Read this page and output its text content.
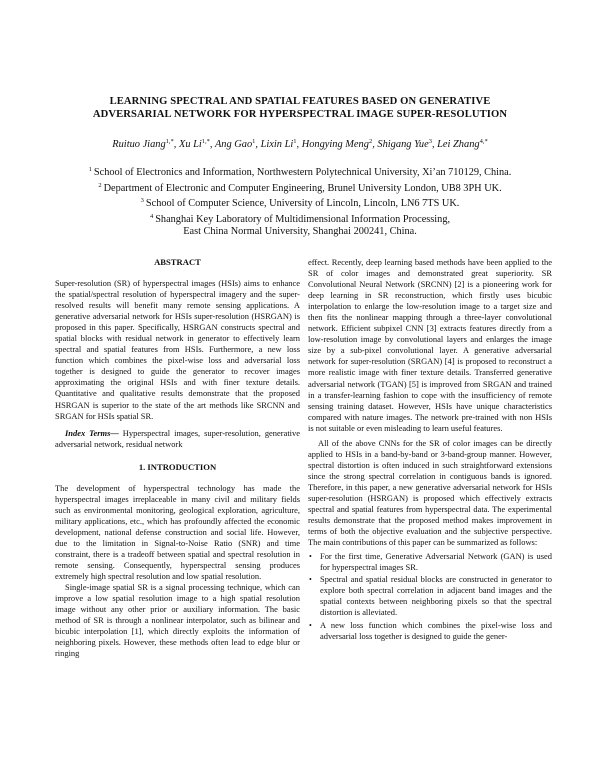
LEARNING SPECTRAL AND SPATIAL FEATURES BASED ON GENERATIVE
ADVERSARIAL NETWORK FOR HYPERSPECTRAL IMAGE SUPER-RESOLUTION
Ruituo Jiang$^{1,*}$, Xu $Li^{1,*}$, Ang Gao$^1$, Lixin Li$^1$, Hongying Meng$^2$, Shigang Yue$^3$, Lei Zhang$^{4,*}$
$^1$ School of Electronics and Information, Northwestern Polytechnical University, Xi’an 710129, China.
$^2$ Department of Electronic and Computer Engineering, Brunel University London, UB8 3PH UK.
$^3$ School of Computer Science, University of Lincoln, Lincoln, LN6 7TS UK.
$^4$ Shanghai Key Laboratory of Multidimensional Information Processing,
East China Normal University, Shanghai 200241, China.
ABSTRACT

Super-resolution (SR) of hyperspectral images (HSIs) aims to enhance the spatial/spectral resolution of hyperspectral imagery and the super-resolved results will benefit many remote sensing applications. A generative adversarial network for HSIs super-resolution (HSRGAN) is proposed in this paper. Specifically, HSRGAN constructs spectral and spatial blocks with residual network in generator to effectively learn spectral and spatial features from HSIs. Furthermore, a new loss function which combines the pixel-wise loss and adversarial loss together is designed to guide the generator to recover images approximating the original HSIs and with finer texture details. Quantitative and qualitative results demonstrate that the proposed HSRGAN is superior to the state of the art methods like SRCNN and SRGAN for HSIs spatial SR.

Index Terms— Hyperspectral images, super-resolution, generative adversarial network, residual network

1. INTRODUCTION

The development of hyperspectral technology has made the hyperspectral images irreplaceable in many civil and military fields such as environmental monitoring, geological exploration, agriculture, military applications, etc., which has profoundly affected the economic development, national defense construction and social life. However, due to the limitation in Signal-to-Noise Ratio (SNR) and time constraint, there is a tradeoff between spatial and spectral resolution in remote sensing. Consequently, hyperspectral sensing produces extremely high spectral resolution and low spatial resolution.

Single-image spatial SR is a signal processing technique, which can improve a low spatial resolution image to a high spatial resolution image without any other prior or auxiliary information. The basic method of SR is through a nonlinear interpolator, such as bilinear and bicubic interpolation [1], which directly exploits the information of neighboring pixels. However, these methods often lead to edge blur or ringing

effect. Recently, deep learning based methods have been applied to the SR of color images and demonstrated great superiority. SR Convolutional Neural Network (SRCNN) [2] is a pioneering work for deep learning in SR reconstruction, which firstly uses bicubic interpolation to enlarge the low-resolution image to a target size and then fits the nonlinear mapping through a three-layer convolutional network. Efficient subpixel CNN [3] extracts features directly from a low-resolution image by convolutional layers and enlarges the image size by a sub-pixel convolutional layer. A generative adversarial network for super-resolution (SRGAN) [4] is proposed to reconstruct a more realistic image with finer texture details. Transferred generative adversarial network (TGAN) [5] is improved from SRGAN and trained in a transfer-learning fashion to cope with the insufficiency of remote sensing training dataset. However, HSIs have unique characteristics compared with nature images. The network pre-trained with non HSIs is not suitable or even misleading to learn useful features.

All of the above CNNs for the SR of color images can be directly applied to HSIs in a band-by-band or 3-band-group manner. However, spectral distortion is often induced in such straightforward extensions since the strong spectral correlation in contiguous bands is ignored. Therefore, in this paper, a new generative adversarial network for HSIs super-resolution (HSRGAN) is proposed which effectively extracts spectral and spatial features from hyperspectral data. The experimental results demonstrate that the proposed method makes improvement in terms of both the objective evaluation and the subjective perspective. The main contributions of this paper can be summarized as follows:

• For the first time, Generative Adversarial Network (GAN) is used for hyperspectral images SR.
• Spectral and spatial residual blocks are constructed in generator to explore both spectral correlation in adjacent band images and the spatial contexts between neighboring pixels so that the spectral distortion is alleviated.
• A new loss function which combines the pixel-wise loss and adversarial loss together is designed to guide the gener-
